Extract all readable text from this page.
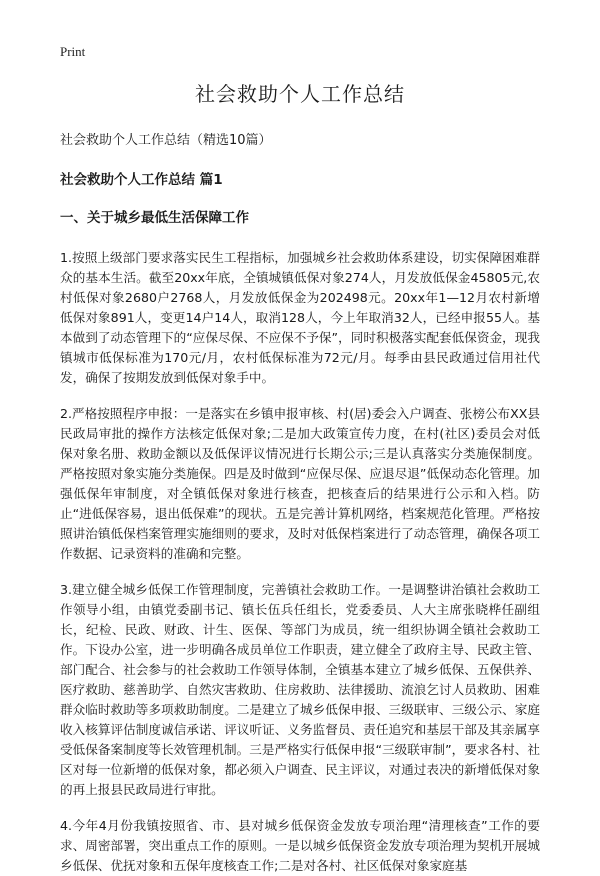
Print
社会救助个人工作总结

社会救助个人工作总结（精选10篇）

社会救助个人工作总结 篇1

一、关于城乡最低生活保障工作

1.按照上级部门要求落实民生工程指标，加强城乡社会救助体系建设，切实保障困难群众的基本生活。截至20xx年底，全镇城镇低保对象274人，月发放低保金45805元,农村低保对象2680户2768人，月发放低保金为202498元。20xx年1—12月农村新增低保对象891人，变更14户14人，取消128人，今上年取消32人，已经申报55人。基本做到了动态管理下的“应保尽保、不应保不予保”，同时积极落实配套低保资金，现我镇城市低保标准为170元/月，农村低保标准为72元/月。每季由县民政通过信用社代发，确保了按期发放到低保对象手中。

2.严格按照程序申报：一是落实在乡镇申报审核、村(居)委会入户调查、张榜公布XX县民政局审批的操作方法核定低保对象;二是加大政策宣传力度，在村(社区)委员会对低保对象名册、救助金额以及低保评议情况进行长期公示;三是认真落实分类施保制度。严格按照对象实施分类施保。四是及时做到“应保尽保、应退尽退”低保动态化管理。加强低保年审制度，对全镇低保对象进行核查，把核查后的结果进行公示和入档。防止“进低保容易，退出低保难”的现状。五是完善计算机网络，档案规范化管理。严格按照讲治镇低保档案管理实施细则的要求，及时对低保档案进行了动态管理，确保各项工作数据、记录资料的准确和完整。

3.建立健全城乡低保工作管理制度，完善镇社会救助工作。一是调整讲治镇社会救助工作领导小组，由镇党委副书记、镇长伍兵任组长，党委委员、人大主席张晓桦任副组长，纪检、民政、财政、计生、医保、等部门为成员，统一组织协调全镇社会救助工作。下设办公室，进一步明确各成员单位工作职责，建立健全了政府主导、民政主管、部门配合、社会参与的社会救助工作领导体制，全镇基本建立了城乡低保、五保供养、医疗救助、慈善助学、自然灾害救助、住房救助、法律援助、流浪乞讨人员救助、困难群众临时救助等多项救助制度。二是建立了城乡低保申报、三级联审、三级公示、家庭收入核算评估制度诚信承诺、评议听证、义务监督员、责任追究和基层干部及其亲属享受低保备案制度等长效管理机制。三是严格实行低保申报“三级联审制”，要求各村、社区对每一位新增的低保对象，都必须入户调查、民主评议，对通过表决的新增低保对象的再上报县民政局进行审批。

4.今年4月份我镇按照省、市、县对城乡低保资金发放专项治理“清理核查”工作的要求、周密部署，突出重点工作的原则。一是以城乡低保资金发放专项治理为契机开展城乡低保、优抚对象和五保年度核查工作;二是对各村、社区低保对象家庭基
